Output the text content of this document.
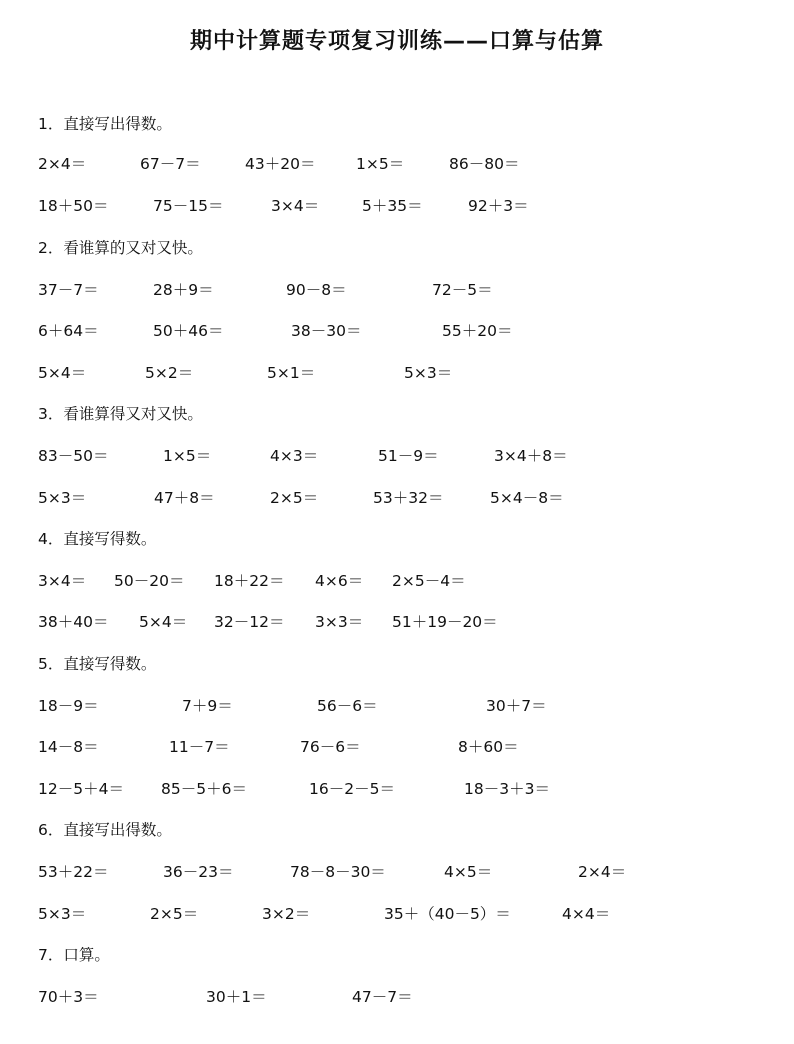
期中计算题专项复习训练——口算与估算
1．直接写出得数。
2×4＝	67－7＝	43＋20＝	1×5＝	86－80＝
18＋50＝	75－15＝	3×4＝	5＋35＝	92＋3＝
2．看谁算的又对又快。
37－7＝	28＋9＝	90－8＝	72－5＝
6＋64＝	50＋46＝	38－30＝	55＋20＝
5×4＝	5×2＝	5×1＝	5×3＝
3．看谁算得又对又快。
83－50＝	1×5＝	4×3＝	51－9＝	3×4＋8＝
5×3＝	47＋8＝	2×5＝	53＋32＝	5×4－8＝
4．直接写得数。
3×4＝ 50－20＝ 18＋22＝ 4×6＝ 2×5－4＝
38＋40＝ 5×4＝ 32－12＝ 3×3＝ 51＋19－20＝
5．直接写得数。
18－9＝	7＋9＝	56－6＝	30＋7＝
14－8＝	11－7＝	76－6＝	8＋60＝
12－5＋4＝ 85－5＋6＝	16－2－5＝	18－3＋3＝
6．直接写出得数。
53＋22＝	36－23＝	78－8－30＝	4×5＝	2×4＝
5×3＝	2×5＝	3×2＝	35＋（40－5）＝	4×4＝
7．口算。
70＋3＝	30＋1＝	47－7＝
